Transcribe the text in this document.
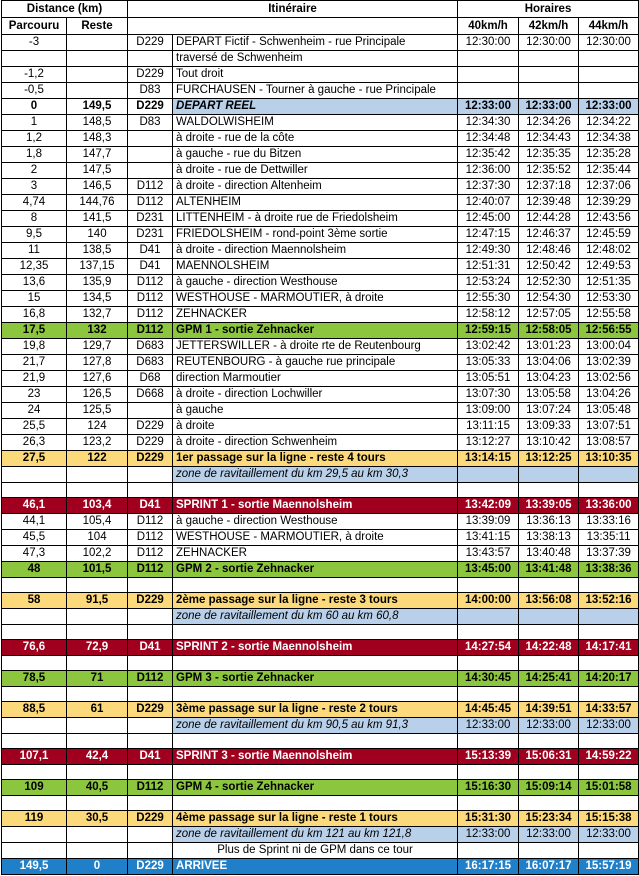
Distance (km)		Itinéraire		Horaires		
Parcouru	Reste			40km/h	42km/h	44km/h
-3		D229	DEPART Fictif - Schwenheim - rue Principale	12:30:00	12:30:00	12:30:00
			traversé de Schwenheim			
-1,2		D229	Tout droit			
-0,5		D83	FURCHAUSEN - Tourner à gauche - rue Principale			
0	149,5	D229	DEPART REEL	12:33:00	12:33:00	12:33:00
1	148,5	D83	WALDOLWISHEIM	12:34:30	12:34:26	12:34:22
1,2	148,3		à droite - rue de la côte	12:34:48	12:34:43	12:34:38
1,8	147,7		à gauche - rue du Bitzen	12:35:42	12:35:35	12:35:28
2	147,5		à droite - rue de Dettwiller	12:36:00	12:35:52	12:35:44
3	146,5	D112	à droite - direction Altenheim	12:37:30	12:37:18	12:37:06
4,74	144,76	D112	ALTENHEIM	12:40:07	12:39:48	12:39:29
8	141,5	D231	LITTENHEIM - à droite rue de Friedolsheim	12:45:00	12:44:28	12:43:56
9,5	140	D231	FRIEDOLSHEIM - rond-point 3ème sortie	12:47:15	12:46:37	12:45:59
11	138,5	D41	à droite - direction Maennolsheim	12:49:30	12:48:46	12:48:02
12,35	137,15	D41	MAENNOLSHEIM	12:51:31	12:50:42	12:49:53
13,6	135,9	D112	à gauche - direction Westhouse	12:53:24	12:52:30	12:51:35
15	134,5	D112	WESTHOUSE - MARMOUTIER, à droite	12:55:30	12:54:30	12:53:30
16,8	132,7	D112	ZEHNACKER	12:58:12	12:57:05	12:55:58
17,5	132	D112	GPM 1 - sortie Zehnacker	12:59:15	12:58:05	12:56:55
19,8	129,7	D683	JETTERSWILLER - à droite rte de Reutenbourg	13:02:42	13:01:23	13:00:04
21,7	127,8	D683	REUTENBOURG - à gauche rue principale	13:05:33	13:04:06	13:02:39
21,9	127,6	D68	direction Marmoutier	13:05:51	13:04:23	13:02:56
23	126,5	D668	à droite - direction Lochwiller	13:07:30	13:05:58	13:04:26
24	125,5		à gauche	13:09:00	13:07:24	13:05:48
25,5	124	D229	à droite	13:11:15	13:09:33	13:07:51
26,3	123,2	D229	à droite - direction Schwenheim	13:12:27	13:10:42	13:08:57
27,5	122	D229	1er passage sur la ligne - reste 4 tours	13:14:15	13:12:25	13:10:35
			zone de ravitaillement du km 29,5 au km 30,3			

46,1	103,4	D41	SPRINT 1 - sortie Maennolsheim	13:42:09	13:39:05	13:36:00
44,1	105,4	D112	à gauche - direction Westhouse	13:39:09	13:36:13	13:33:16
45,5	104	D112	WESTHOUSE - MARMOUTIER, à droite	13:41:15	13:38:13	13:35:11
47,3	102,2	D112	ZEHNACKER	13:43:57	13:40:48	13:37:39
48	101,5	D112	GPM 2 - sortie Zehnacker	13:45:00	13:41:48	13:38:36

58	91,5	D229	2ème passage sur la ligne - reste 3 tours	14:00:00	13:56:08	13:52:16
			zone de ravitaillement du km 60 au km 60,8			

76,6	72,9	D41	SPRINT 2 - sortie Maennolsheim	14:27:54	14:22:48	14:17:41

78,5	71	D112	GPM 3 - sortie Zehnacker	14:30:45	14:25:41	14:20:17

88,5	61	D229	3ème passage sur la ligne - reste 2 tours	14:45:45	14:39:51	14:33:57
			zone de ravitaillement du km 90,5 au km 91,3	12:33:00	12:33:00	12:33:00

107,1	42,4	D41	SPRINT 3 - sortie Maennolsheim	15:13:39	15:06:31	14:59:22

109	40,5	D112	GPM 4 - sortie Zehnacker	15:16:30	15:09:14	15:01:58

119	30,5	D229	4ème passage sur la ligne - reste 1 tours	15:31:30	15:23:34	15:15:38
			zone de ravitaillement du km 121 au km 121,8	12:33:00	12:33:00	12:33:00
			Plus de Sprint ni de GPM dans ce tour			
149,5	0	D229	ARRIVEE	16:17:15	16:07:17	15:57:19
